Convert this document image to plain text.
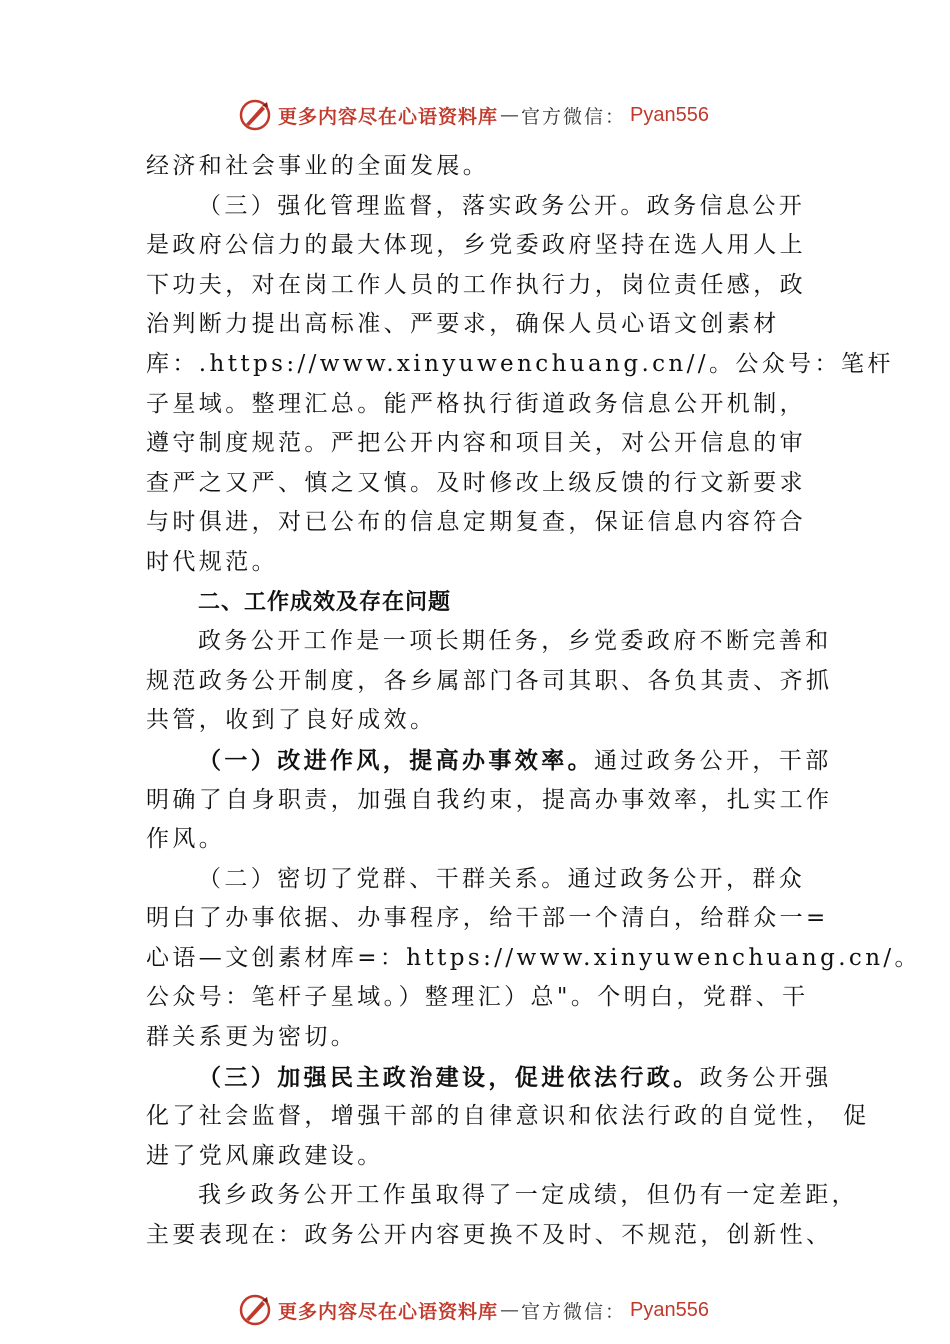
更多内容尽在心语资料库 — 官方微信： Pyan556
经济和社会事业的全面发展。
（三）强化管理监督，落实政务公开。政务信息公开
是政府公信力的最大体现，乡党委政府坚持在选人用人上
下功夫，对在岗工作人员的工作执行力，岗位责任感，政
治判断力提出高标准、严要求，确保人员心语文创素材
库：.https://www.xinyuwenchuang.cn//。公众号：笔杆
子星域。整理汇总。能严格执行街道政务信息公开机制，
遵守制度规范。严把公开内容和项目关，对公开信息的审
查严之又严、慎之又慎。及时修改上级反馈的行文新要求
与时俱进，对已公布的信息定期复查，保证信息内容符合
时代规范。
二、工作成效及存在问题
政务公开工作是一项长期任务，乡党委政府不断完善和
规范政务公开制度，各乡属部门各司其职、各负其责、齐抓
共管，收到了良好成效。
（一）改进作风，提高办事效率。通过政务公开，干部
明确了自身职责，加强自我约束，提高办事效率，扎实工作
作风。
（二）密切了党群、干群关系。通过政务公开，群众
明白了办事依据、办事程序，给干部一个清白，给群众一=
心语—文创素材库=：https://www.xinyuwenchuang.cn/。
公众号：笔杆子星域。）整理汇）总"。个明白，党群、干
群关系更为密切。
（三）加强民主政治建设，促进依法行政。政务公开强
化了社会监督，增强干部的自律意识和依法行政的自觉性， 促
进了党风廉政建设。
我乡政务公开工作虽取得了一定成绩，但仍有一定差距，
主要表现在：政务公开内容更换不及时、不规范，创新性、
更多内容尽在心语资料库 — 官方微信： Pyan556
